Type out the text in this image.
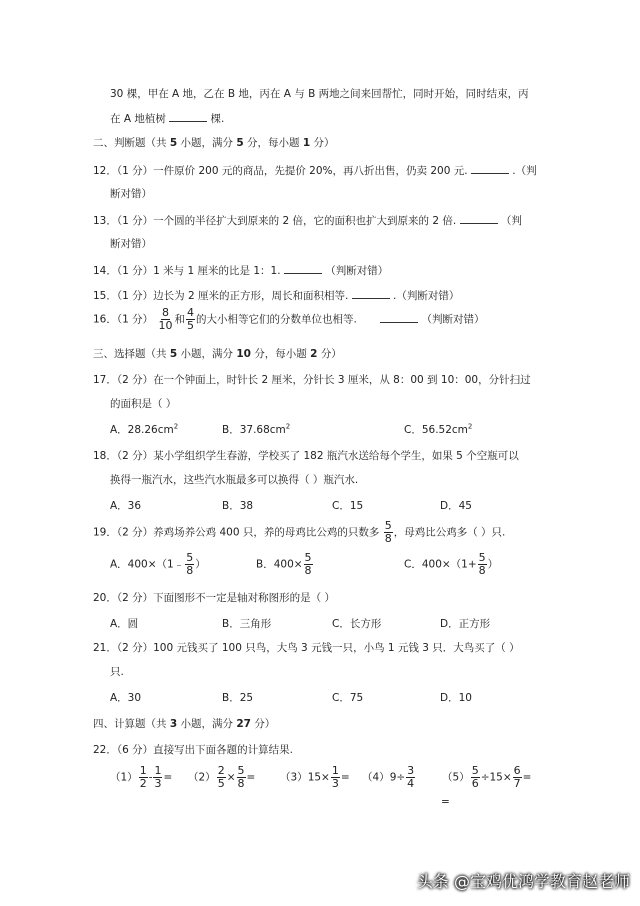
30 棵，甲在 A 地，乙在 B 地，丙在 A 与 B 两地之间来回帮忙，同时开始，同时结束，丙
在 A 地植树	棵.
二、判断题（共 5 小题，满分 5 分，每小题 1 分）
12．（1 分）一件原价 200 元的商品，先提价 20%，再八折出售，仍卖 200 元.	.（判
断对错）
13．（1 分）一个圆的半径扩大到原来的 2 倍，它的面积也扩大到原来的 2 倍.	（判
断对错）
14．（1 分）1 米与 1 厘米的比是 1：1.	（判断对错）
15．（1 分）边长为 2 厘米的正方形，周长和面积相等.	.（判断对错）
16．（1 分） $\frac{8}{10}$ 和 $\frac{4}{5}$ 的大小相等它们的分数单位也相等.	（判断对错）
三、选择题（共 5 小题，满分 10 分，每小题 2 分）
17．（2 分）在一个钟面上，时针长 2 厘米，分针长 3 厘米，从 8：00 到 10：00，分针扫过
的面积是（ ）
A．$28.26cm^2$	B．$37.68cm^2$	C．$56.52cm^2$
18．（2 分）某小学组织学生春游，学校买了 182 瓶汽水送给每个学生，如果 5 个空瓶可以
换得一瓶汽水，这些汽水瓶最多可以换得（ ）瓶汽水.
A．36	B．38	C．15	D．45
19．（2 分）养鸡场养公鸡 400 只，养的母鸡比公鸡的只数多 $\frac{5}{8}$ ，母鸡比公鸡多（ ）只.
A．400×（1﹣ $\frac{5}{8}$ ）	B．$400\times \frac{5}{8}$	C．$400\times(1+ \frac{5}{8}$ ）
20．（2 分）下面图形不一定是轴对称图形的是（ ）
A．圆	B．三角形	C．长方形	D．正方形
21．（2 分）100 元钱买了 100 只鸟，大鸟 3 元钱一只，小鸟 1 元钱 3 只．大鸟买了（ ）
只.
A．30	B．25	C．75	D．10
四、计算题（共 3 小题，满分 27 分）
22．（6 分）直接写出下面各题的计算结果.
$(1) \frac{1}{2} - \frac{1}{3} = (2) \frac{2}{5} \times \frac{5}{8} = (3)15\times \frac{1}{3} = (4)9\div \frac{3}{4}$
=
$(5) \frac{5}{6} \div 15\times \frac{6}{7}$ =
头条 @宝鸡优鸿学教育赵老师
